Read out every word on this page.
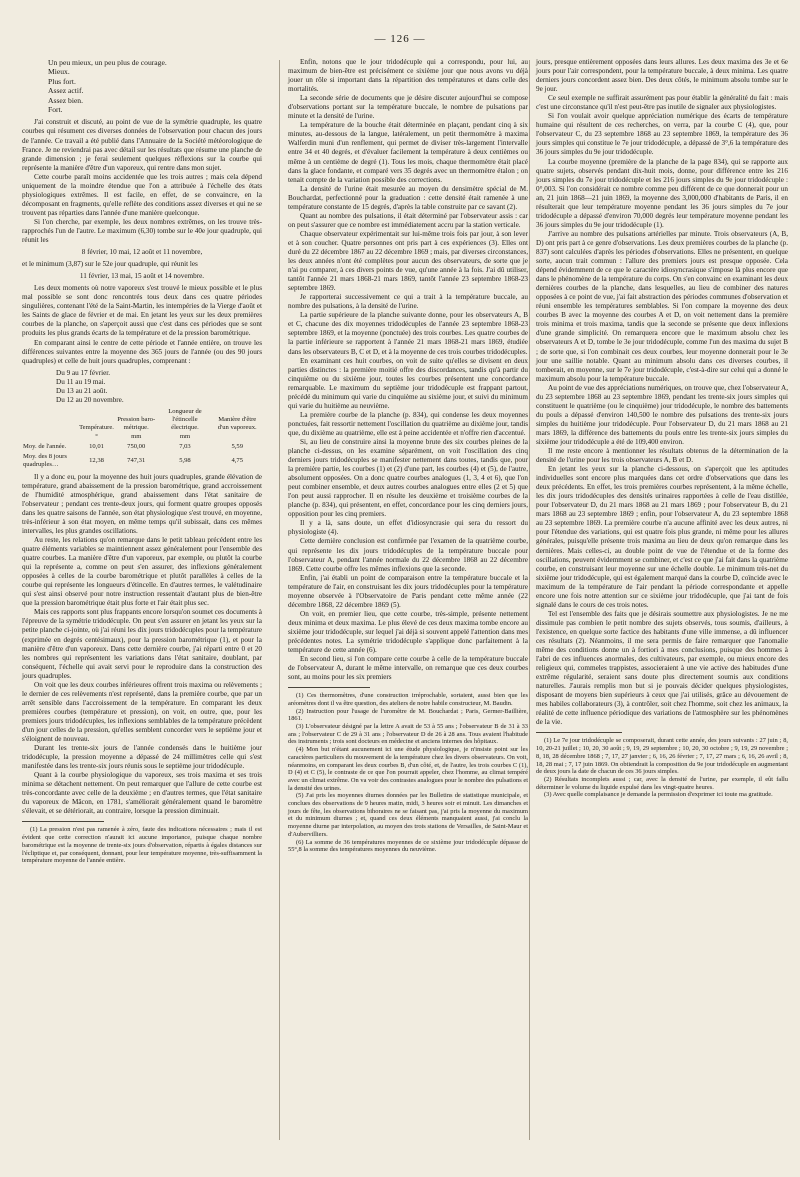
— 126 —
Un peu mieux, un peu plus de courage.
Mieux.
Plus fort.
Assez actif.
Assez bien.
Fort.

J'ai construit et discuté, au point de vue de la symétrie quadruple, les quatre courbes qui résument ces diverses données de l'observation pour chacun des jours de l'année. Ce travail a été publié dans l'Annuaire de la Société météorologique de France. Je ne reviendrai pas avec détail sur les résultats que résume une planche de grande dimension ; je ferai seulement quelques réflexions sur la courbe qui représente la manière d'être d'un vaporeux, qui rentre dans mon sujet.

Cette courbe paraît moins accidentée que les trois autres ; mais cela dépend uniquement de la moindre étendue que l'on a attribuée à l'échelle des états physiologiques extrêmes. Il est facile, en effet, de se convaincre, en la décomposant en fragments, qu'elle reflète des conditions assez diverses et qui ne se trouvent pas réparties dans l'année d'une manière quelconque.

Si l'on cherche, par exemple, les deux nombres extrêmes, on les trouve très-rapprochés l'un de l'autre. Le maximum (6,30) tombe sur le 40e jour quadruple, qui réunit les

8 février, 10 mai, 12 août et 11 novembre,

et le minimum (3,87) sur le 52e jour quadruple, qui réunit les

11 février, 13 mai, 15 août et 14 novembre.

Les deux moments où notre vaporeux s'est trouvé le mieux possible et le plus mal possible se sont donc rencontrés tous deux dans ces quatre périodes singulières, contenant l'été de la Saint-Martin, les intempéries de la Vierge d'août et les Saints de glace de février et de mai. En jetant les yeux sur les deux premières courbes de la planche, on s'aperçoit aussi que c'est dans ces périodes que se sont produits les plus grands écarts de la température et de la pression barométrique.

En comparant ainsi le centre de cette période et l'année entière, on trouve les différences suivantes entre la moyenne des 365 jours de l'année (ou des 90 jours quadruples) et celle de huit jours quadruples, comprenant :

Du 9 au 17 février.
Du 11 au 19 mai.
Du 13 au 21 août.
Du 12 au 20 novembre.
	Température.	Pression baro-métrique.	Longueur de l'étincelle électrique.	Manière d'être d'un vaporeux.
	°	mm	mm	
Moy. de l'année.	10,01	750,00	7,03	5,59
Moy. des 8 jours quadruples…	12,38	747,31	5,98	4,75

Il y a donc eu, pour la moyenne des huit jours quadruples, grande élévation de température, grand abaissement de la pression barométrique, grand accroissement de l'humidité atmosphérique, grand abaissement dans l'état sanitaire de l'observateur ; pendant ces trente-deux jours, qui forment quatre groupes opposés dans les quatre saisons de l'année, son état physiologique s'est trouvé, en moyenne, très-inférieur à son état moyen, en même temps qu'il subissait, dans ces mêmes intervalles, les plus grandes oscillations.

Au reste, les relations qu'on remarque dans le petit tableau précédent entre les quatre éléments variables se maintiennent assez généralement pour l'ensemble des quatre courbes. La manière d'être d'un vaporeux, par exemple, ou plutôt la courbe qui la représente a, comme on peut s'en assurer, des inflexions généralement opposées à celles de la courbe barométrique et plutôt parallèles à celles de la courbe qui représente les longueurs d'étincelle. En d'autres termes, le valétudinaire qui s'est ainsi observé pour notre instruction ressentait d'autant plus de bien-être que la pression barométrique était plus forte et l'air était plus sec.

Mais ces rapports sont plus frappants encore lorsqu'on soumet ces documents à l'épreuve de la symétrie tridodécuple. On peut s'en assurer en jetant les yeux sur la petite planche ci-jointe, où j'ai réuni les dix jours tridodécuples pour la température (exprimée en degrés centésimaux), pour la pression barométrique (1), et pour la manière d'être d'un vaporeux. Dans cette dernière courbe, j'ai réparti entre 0 et 20 les nombres qui représentent les variations dans l'état sanitaire, doublant, par conséquent, l'échelle qui avait servi pour le reproduire dans la construction des jours quadruples.

On voit que les deux courbes inférieures offrent trois maxima ou relèvements ; le dernier de ces relèvements n'est représenté, dans la première courbe, que par un arrêt sensible dans l'accroissement de la température. En comparant les deux premières courbes (température et pression), on voit, en outre, que, pour les premiers jours tridodécuples, les inflexions semblables de la température précèdent d'un jour celles de la pression, qu'elles semblent concorder vers le septième jour et s'éloignent de nouveau.

Durant les trente-six jours de l'année condensés dans le huitième jour tridodécuple, la pression moyenne a dépassé de 24 millimètres celle qui s'est manifestée dans les trente-six jours réunis sous le septième jour tridodécuple.

Quant à la courbe physiologique du vaporeux, ses trois maxima et ses trois minima se détachent nettement. On peut remarquer que l'allure de cette courbe est très-concordante avec celle de la deuxième ; en d'autres termes, que l'état sanitaire du vaporeux de Mâcon, en 1781, s'améliorait généralement quand le baromètre s'élevait, et se détériorait, au contraire, lorsque la pression diminuait.

(1) La pression n'est pas ramenée à zéro, faute des indications nécessaires ; mais il est évident que cette correction n'aurait ici aucune importance, puisque chaque nombre barométrique est la moyenne de trente-six jours d'observation, répartis à égales distances sur l'écliptique et, par conséquent, donnant, pour leur température moyenne, très-suffisamment la température moyenne de l'année entière.

Enfin, notons que le jour tridodécuple qui a correspondu, pour lui, au maximum de bien-être est précisément ce sixième jour que nous avons vu déjà jouer un rôle si important dans la répartition des températures et dans celle des mortalités.

La seconde série de documents que je désire discuter aujourd'hui se compose d'observations portant sur la température buccale, le nombre de pulsations par minute et la densité de l'urine.

La température de la bouche était déterminée en plaçant, pendant cinq à six minutes, au-dessous de la langue, latéralement, un petit thermomètre à maxima Walferdin muni d'un renflement, qui permet de diviser très-largement l'intervalle entre 34 et 40 degrés, et d'évaluer facilement la température à deux centièmes ou même à un centième de degré (1). Tous les mois, chaque thermomètre était placé dans la glace fondante, et comparé vers 35 degrés avec un thermomètre étalon ; on tenait compte de la variation possible des corrections.

La densité de l'urine était mesurée au moyen du densimètre spécial de M. Bouchardat, perfectionné pour la graduation : cette densité était ramenée à une température constante de 15 degrés, d'après la table construite par ce savant (2).

Quant au nombre des pulsations, il était déterminé par l'observateur assis : car on peut s'assurer que ce nombre est immédiatement accru par la station verticale.

Chaque observateur expérimentait sur lui-même trois fois par jour, à son lever et à son coucher. Quatre personnes ont pris part à ces expériences (3). Elles ont duré du 22 décembre 1867 au 22 décembre 1869 ; mais, par diverses circonstances, les deux années n'ont été complètes pour aucun des observateurs, de sorte que je n'ai pu comparer, à ces divers points de vue, qu'une année à la fois. J'ai dû utiliser, tantôt l'année 21 mars 1868-21 mars 1869, tantôt l'année 23 septembre 1868-23 septembre 1869.

Je rapporterai successivement ce qui a trait à la température buccale, au nombre des pulsations, à la densité de l'urine.

La partie supérieure de la planche suivante donne, pour les observateurs A, B et C, chacune des dix moyennes tridodécuples de l'année 23 septembre 1868-23 septembre 1869, et la moyenne (ponctuée) des trois courbes. Les quatre courbes de la partie inférieure se rapportent à l'année 21 mars 1868-21 mars 1869, étudiée dans les observateurs B, C et D, et à la moyenne de ces trois courbes tridodécuples.

En examinant ces huit courbes, on voit de suite qu'elles se divisent en deux parties distinctes : la première moitié offre des discordances, tandis qu'à partir du cinquième ou du sixième jour, toutes les courbes présentent une concordance remarquable. Le maximum du septième jour tridodécuple est frappant partout, précédé du minimum qui varie du cinquième au sixième jour, et suivi du minimum qui varie du huitième au neuvième.

La première courbe de la planche (p. 834), qui condense les deux moyennes ponctuées, fait ressortir nettement l'oscillation du quatrième au dixième jour, tandis que, du dixième au quatrième, elle est à peine accidentée et n'offre rien d'accentué.

Si, au lieu de construire ainsi la moyenne brute des six courbes pleines de la planche ci-dessus, on les examine séparément, on voit l'oscillation des cinq derniers jours tridodécuples se manifester nettement dans toutes, tandis que, pour la première partie, les courbes (1) et (2) d'une part, les courbes (4) et (5), de l'autre, absolument opposées. On a donc quatre courbes analogues (1, 3, 4 et 6), que l'on peut combiner ensemble, et deux autres courbes analogues entre elles (2 et 5) que l'on peut aussi rapprocher. Il en résulte les deuxième et troisième courbes de la planche (p. 834), qui présentent, en effet, concordance pour les cinq derniers jours, opposition pour les cinq premiers.

Il y a là, sans doute, un effet d'idiosyncrasie qui sera du ressort du physiologiste (4).

Cette dernière conclusion est confirmée par l'examen de la quatrième courbe, qui représente les dix jours tridodécuples de la température buccale pour l'observateur A, pendant l'année normale du 22 décembre 1868 au 22 décembre 1869. Cette courbe offre les mêmes inflexions que la seconde.

Enfin, j'ai établi un point de comparaison entre la température buccale et la température de l'air, en construisant les dix jours tridodécuples pour la température moyenne observée à l'Observatoire de Paris pendant cette même année (22 décembre 1868, 22 décembre 1869 (5).

On voit, en premier lieu, que cette courbe, très-simple, présente nettement deux minima et deux maxima. Le plus élevé de ces deux maxima tombe encore au sixième jour tridodécuple, sur lequel j'ai déjà si souvent appelé l'attention dans mes précédentes notes. La symétrie tridodécuple s'applique donc parfaitement à la température de cette année (6).

En second lieu, si l'on compare cette courbe à celle de la température buccale de l'observateur A, durant le même intervalle, on remarque que ces deux courbes sont, au moins pour les six premiers

(1) Ces thermomètres, d'une construction irréprochable, sortaient, aussi bien que les aréomètres dont il va être question, des ateliers de notre habile constructeur, M. Baudin.

(2) Instruction pour l'usage de l'uromètre de M. Bouchardat ; Paris, Germer-Baillière, 1861.

(3) L'observateur désigné par la lettre A avait de 53 à 55 ans ; l'observateur B de 31 à 33 ans ; l'observateur C de 29 à 31 ans ; l'observateur D de 26 à 28 ans. Tous avaient l'habitude des instruments ; trois sont docteurs en médecine et anciens internes des hôpitaux.

(4) Mon but n'étant aucunement ici une étude physiologique, je n'insiste point sur les caractères particuliers du mouvement de la température chez les divers observateurs. On voit, néanmoins, en comparant les deux courbes B, d'un côté, et, de l'autre, les trois courbes C (1), D (4) et C (5), le contraste de ce que l'on pourrait appeler, chez l'homme, au climat tempéré avec un climat extrême. On va voir des contrastes analogues pour le nombre des pulsations et la densité des urines.

(5) J'ai pris les moyennes diurnes données par les Bulletins de statistique municipale, et conclues des observations de 9 heures matin, midi, 3 heures soir et minuit. Les dimanches et jours de fête, les observations bihoraires ne se faisant pas, j'ai pris la moyenne du maximum et du minimum diurnes ; et, quand ces deux éléments manquaient aussi, j'ai conclu la moyenne diurne par interpolation, au moyen des trois stations de Versailles, de Saint-Maur et d'Aubervilliers.

(6) La somme de 36 températures moyennes de ce sixième jour tridodécuple dépasse de 55°,8 la somme des températures moyennes du neuvième.

jours, presque entièrement opposées dans leurs allures. Les deux maxima des 3e et 6e jours pour l'air correspondent, pour la température buccale, à deux minima. Les quatre derniers jours concordent assez bien. Des deux côtés, le minimum absolu tombe sur le 9e jour.

Ce seul exemple ne suffirait assurément pas pour établir la généralité du fait : mais c'est une circonstance qu'il n'est peut-être pas inutile de signaler aux physiologistes.

Si l'on voulait avoir quelque appréciation numérique des écarts de température humaine qui résultent de ces recherches, on verra, par la courbe C (4), que, pour l'observateur C, du 23 septembre 1868 au 23 septembre 1869, la température des 36 jours simples qui constitue le 7e jour tridodécuple, a dépassé de 3°,6 la température des 36 jours simples du 9e jour tridodécuple.

La courbe moyenne (première de la planche de la page 834), qui se rapporte aux quatre sujets, observés pendant dix-huit mois, donne, pour différence entre les 216 jours simples du 7e jour tridodécuple et les 216 jours simples du 9e jour tridodécuple : 0°,003. Si l'on considérait ce nombre comme peu différent de ce que donnerait pour un an, 21 juin 1868—21 juin 1869, la moyenne des 3,000,000 d'habitants de Paris, il en résulterait que leur température moyenne pendant les 36 jours simples du 7e jour tridodécuple a dépassé d'environ 70,000 degrés leur température moyenne pendant les 36 jours simples du 9e jour tridodécuple (1).

J'arrive au nombre des pulsations artérielles par minute. Trois observateurs (A, B, D) ont pris part à ce genre d'observations. Les deux premières courbes de la planche (p. 837) sont calculées d'après les périodes d'observations. Elles ne présentent, en quelque sorte, aucun trait commun : l'allure des premiers jours est presque opposée. Cela dépend évidemment de ce que le caractère idiosyncrasique s'impose là plus encore que dans le phénomène de la température du corps. On s'en convainc en examinant les deux dernières courbes de la planche, dans lesquelles, au lieu de combiner des natures opposées à ce point de vue, j'ai fait abstraction des périodes communes d'observation et réuni ensemble les températures semblables. Si l'on compare la moyenne des deux courbes B avec la moyenne des courbes A et D, on voit nettement dans la première trois minima et trois maxima, tandis que la seconde se présente que deux inflexions d'une grande simplicité. On remarquera encore que le maximum absolu chez les observateurs A et D, tombe le 3e jour tridodécuple, comme l'un des maxima du sujet B ; de sorte que, si l'on combinait ces deux courbes, leur moyenne donnerait pour le 3e jour une saillie notable. Quant au minimum absolu dans ces diverses courbes, il tomberait, en moyenne, sur le 7e jour tridodécuple, c'est-à-dire sur celui qui a donné le maximum absolu pour la température buccale.

Au point de vue des appréciations numériques, on trouve que, chez l'observateur A, du 23 septembre 1868 au 23 septembre 1869, pendant les trente-six jours simples qui constituent le quatrième (ou le cinquième) jour tridodécuple, le nombre des battements du pouls a dépassé d'environ 140,500 le nombre des pulsations des trente-six jours simples du huitième jour tridodécuple. Pour l'observateur D, du 21 mars 1868 au 21 mars 1869, la différence des battements du pouls entre les trente-six jours simples du sixième jour tridodécuple a été de 109,400 environ.

Il me reste encore à mentionner les résultats obtenus de la détermination de la densité de l'urine pour les trois observateurs A, B et D.

En jetant les yeux sur la planche ci-dessous, on s'aperçoit que les aptitudes individuelles sont encore plus marquées dans cet ordre d'observations que dans les deux précédents. En effet, les trois premières courbes représentent, à la même échelle, les dix jours tridodécuples des densités urinaires rapportées à celle de l'eau distillée, pour l'observateur D, du 21 mars 1868 au 21 mars 1869 ; pour l'observateur B, du 21 mars 1868 au 23 septembre 1869 ; enfin, pour l'observateur A, du 23 septembre 1868 au 23 septembre 1869. La première courbe n'a aucune affinité avec les deux autres, ni pour l'étendue des variations, qui est quatre fois plus grande, ni même pour les allures générales, puisqu'elle présente trois maxima au lieu de deux qu'on remarque dans les dernières. Mais celles-ci, au double point de vue de l'étendue et de la forme des oscillations, peuvent évidemment se combiner, et c'est ce que j'ai fait dans la quatrième courbe, en construisant leur moyenne sur une échelle double. Le minimum très-net du sixième jour tridodécuple, qui est également marqué dans la courbe D, coïncide avec le maximum de la température de l'air pendant la période correspondante et appelle encore une fois notre attention sur ce sixième jour tridodécuple, que j'ai tant de fois signalé dans le cours de ces trois notes.

Tel est l'ensemble des faits que je désirais soumettre aux physiologistes. Je ne me dissimule pas combien le petit nombre des sujets observés, tous soumis, d'ailleurs, à l'existence, en quelque sorte factice des habitants d'une ville immense, a dû influencer ces résultats (2). Néanmoins, il me sera permis de faire remarquer que l'anomalie même des conditions donne un à fortiori à mes conclusions, puisque des hommes à l'abri de ces influences anormales, des cultivateurs, par exemple, ou mieux encore des religieux qui, commeles trappistes, associeraient à une vie active des habitudes d'une extrême régularité, seraient sans doute plus directement soumis aux conditions naturelles. J'aurais remplis mon but si je pouvais décider quelques physiologistes, disposant de moyens bien supérieurs à ceux que j'ai utilisés, grâce au dévouement de mes habiles collaborateurs (3), à contrôler, soit chez l'homme, soit chez les animaux, la réalité de cette influence périodique des variations de l'atmosphère sur les phénomènes de la vie.

(1) Le 7e jour tridodécuple se composerait, durant cette année, des jours suivants : 27 juin ; 8, 10, 20-21 juillet ; 10, 20, 30 août ; 9, 19, 29 septembre ; 10, 20, 30 octobre ; 9, 19, 29 novembre ; 8, 18, 28 décembre 1868 ; 7, 17, 27 janvier ; 6, 16, 26 février ; 7, 17, 27 mars ; 6, 16, 26 avril ; 8, 18, 28 mai ; 7, 17 juin 1869. On obtiendrait la composition du 9e jour tridodécuple en augmentant de deux jours la date de chacun de ces 36 jours simples.

(2) Résultats incomplets aussi ; car, avec la densité de l'urine, par exemple, il eût fallu déterminer le volume du liquide expulsé dans les vingt-quatre heures.

(3) Avec quelle complaisance je demande la permission d'exprimer ici toute ma gratitude.
